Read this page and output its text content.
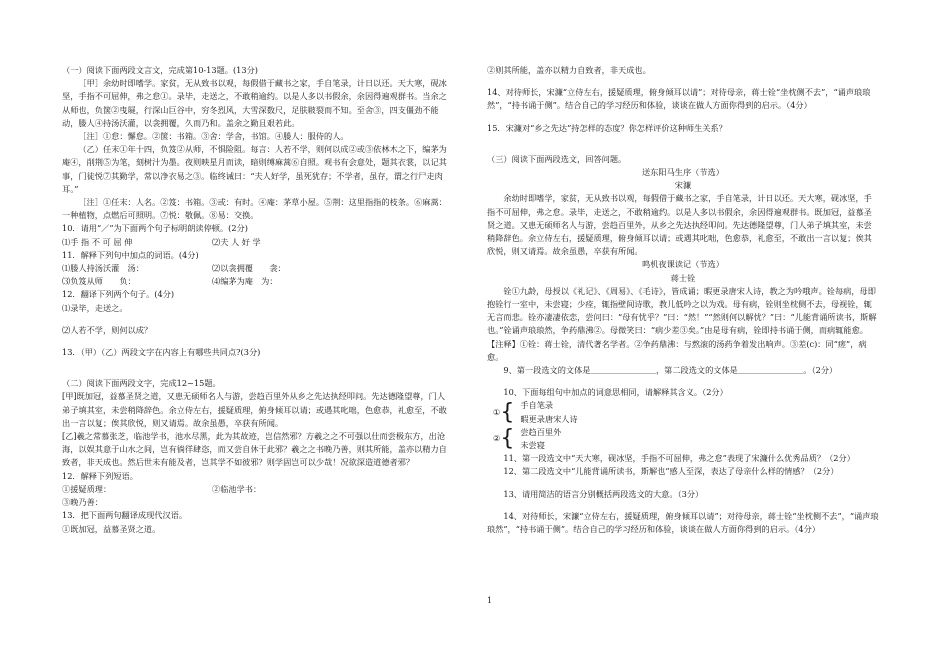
（一）阅读下面两段文言文，完成第10-13题。(13分)

［甲］余幼时即嗜学。家贫，无从致书以观，每假借于藏书之家，手自笔录，计日以还。天大寒，砚冰坚，手指不可屈伸，弗之怠①。录毕，走送之，不敢稍逾约。以是人多以书假余，余因得遍观群书。当余之从师也，负箧②曳屣，行深山巨谷中，穷冬烈风，大雪深数尺，足肤皲裂而不知。至舍③，四支僵劲不能动，媵人④持汤沃灌，以衾拥覆，久而乃和。盖余之勤且艰若此。

［注］①怠：懈怠。②箧：书箱。③舍：学舍，书馆。④媵人：服侍的人。

（乙）任末①年十四，负笈②从师，不惧险阻。每言：人若不学，则何以成②或③依林木之下，编茅为庵④，削荆⑤为笔，刻树汁为墨。夜则映星月而读，暗则缚麻蒿⑥自照。观书有会意处，题其衣裳，以记其事，门徒悦⑦其勤学，常以净衣易之③。临终诫曰：“夫人好学，虽死犹存；不学者，虽存，谓之行尸走肉耳。”

［注］①任末：人名。②笈：书箱。③或：有时。④庵：茅草小屋。⑤荆：这里指指的枝条。⑥麻蒿：一种植物，点燃后可照明。⑦悦：敬佩。⑧易：交换。

10．请用“／”为下面两个句子标明朗读停顿。(2分)

⑴手 指 不 可 屈 伸	⑵夫 人 好 学

11．解释下列句中加点的词语。(4分)

⑴媵人持汤沃灌　汤：	⑵以衾拥覆　　衾：
⑶负笈从师　　负：	⑷编茅为庵　为：

12．翻译下列两个句子。(4分)

⑴录毕，走送之。

⑵人若不学，则何以成？

13．（甲）（乙）两段文字在内容上有哪些共同点?(3分)

（二）阅读下面两段文字，完成12~15题。

[甲]既加冠，益慕圣贤之道，又患无硕师名人与游，尝趋百里外从乡之先达执经叩问。先达德隆望尊，门人弟子填其室，未尝稍降辞色。余立侍左右，援疑质理，俯身倾耳以请；或遇其叱咄，色愈恭，礼愈至，不敢出一言以复；俟其欣悦，则又请焉。故余虽愚，卒获有所闻。

[乙]羲之常慕张芝，临池学书，池水尽黑，此为其故迹，岂信然邪？方羲之之不可强以仕而尝极东方，出沧海，以娱其意于山水之间，岂有徜徉肆恣，而又尝自休于此邪？羲之之书晚乃善，则其所能，盖亦以精力自致者，非天成也。然后世未有能及者，岂其学不如彼邪？则学固岂可以少哉！况欲深造道德者邪？

12．解释下列短语。

①援疑质理：	②临池学书：

③晚乃善：

13．把下面两句翻译成现代汉语。

①既加冠，益慕圣贤之道。

②则其所能，盖亦以精力自致者，非天成也。

14、对待师长，宋濂“立侍左右，援疑质理，俯身倾耳以请”；对待母亲，蒋士铨“坐枕侧不去”，“诵声琅琅然”，“持书诵于侧”。结合自己的学习经历和体验，谈谈在做人方面你得到的启示。（4分）

15．宋濂对“乡之先达”持怎样的态度？你怎样评价这种师生关系？

（三）阅读下面两段选文，回答问题。

送东阳马生序（节选）

宋濂

余幼时即嗜学，家贫，无从致书以观，每假借于藏书之家，手自笔录，计日以还。天大寒，砚冰坚，手指不可屈伸，弗之怠。录毕，走送之，不敢稍逾约。以是人多以书假余，余因得遍观群书。既加冠，益慕圣贤之道。又患无硕师名人与游，尝趋百里外，从乡之先达执经叩问。先达德隆望尊，门人弟子填其室，未尝稍降辞色。余立侍左右，援疑质理，俯身倾耳以请；或遇其叱咄，色愈恭，礼愈至，不敢出一言以复；俟其欣悦，则又请焉。故余虽愚，卒获有所闻。

鸣机夜课读记（节选）

蒋士铨

铨①九龄，母授以《礼记》、《周易》、《毛诗》，皆成诵；暇更录唐宋人诗，教之为吟哦声。铨每病，母即抱铨行一室中，未尝寝；少痊，辄指壁间诗歌，教儿低吟之以为戏。母有病，铨则坐枕侧不去，母视铨，辄无言而悲。铨亦凄凄依恋，尝问曰：“母有忧乎？”曰：“然！”“然则何以解忧？”曰：“儿能背诵所读书，斯解也。”铨诵声琅琅然，争药鼎沸②。母微笑曰：“病少差③矣。”由是母有病，铨即持书诵于侧，而病辄能愈。

【注释】①铨：蒋士铨，清代著名学者。②争药鼎沸：与熬滚的汤药争着发出响声。③差(c)：同“瘥”，病愈。

9、第一段选文的文体是＿＿＿＿＿＿＿＿，第二段选文的文体是＿＿＿＿＿＿＿＿。（2分）

10、下面每组句中加点的词意思相同，请解释其含义。（2分）

① { 手自笔录
暇更录唐宋人诗
② { 尝趋百里外
未尝寝

11、第一段选文中“天大寒，砚冰坚，手指不可屈伸，弗之怠”表现了宋濂什么优秀品质？（2分）

12、第二段选文中“儿能背诵所读书，斯解也”感人至深，表达了母亲什么样的情感？（2分）

13、请用简洁的语言分别概括两段选文的大意。（3分）

14、对待师长，宋濂“立侍左右，援疑质理，俯身倾耳以请”；对待母亲，蒋士铨“坐枕侧不去”，“诵声琅琅然”，“持书诵于侧”。结合自己的学习经历和体验，谈谈在做人方面你得到的启示。（4分）

1
